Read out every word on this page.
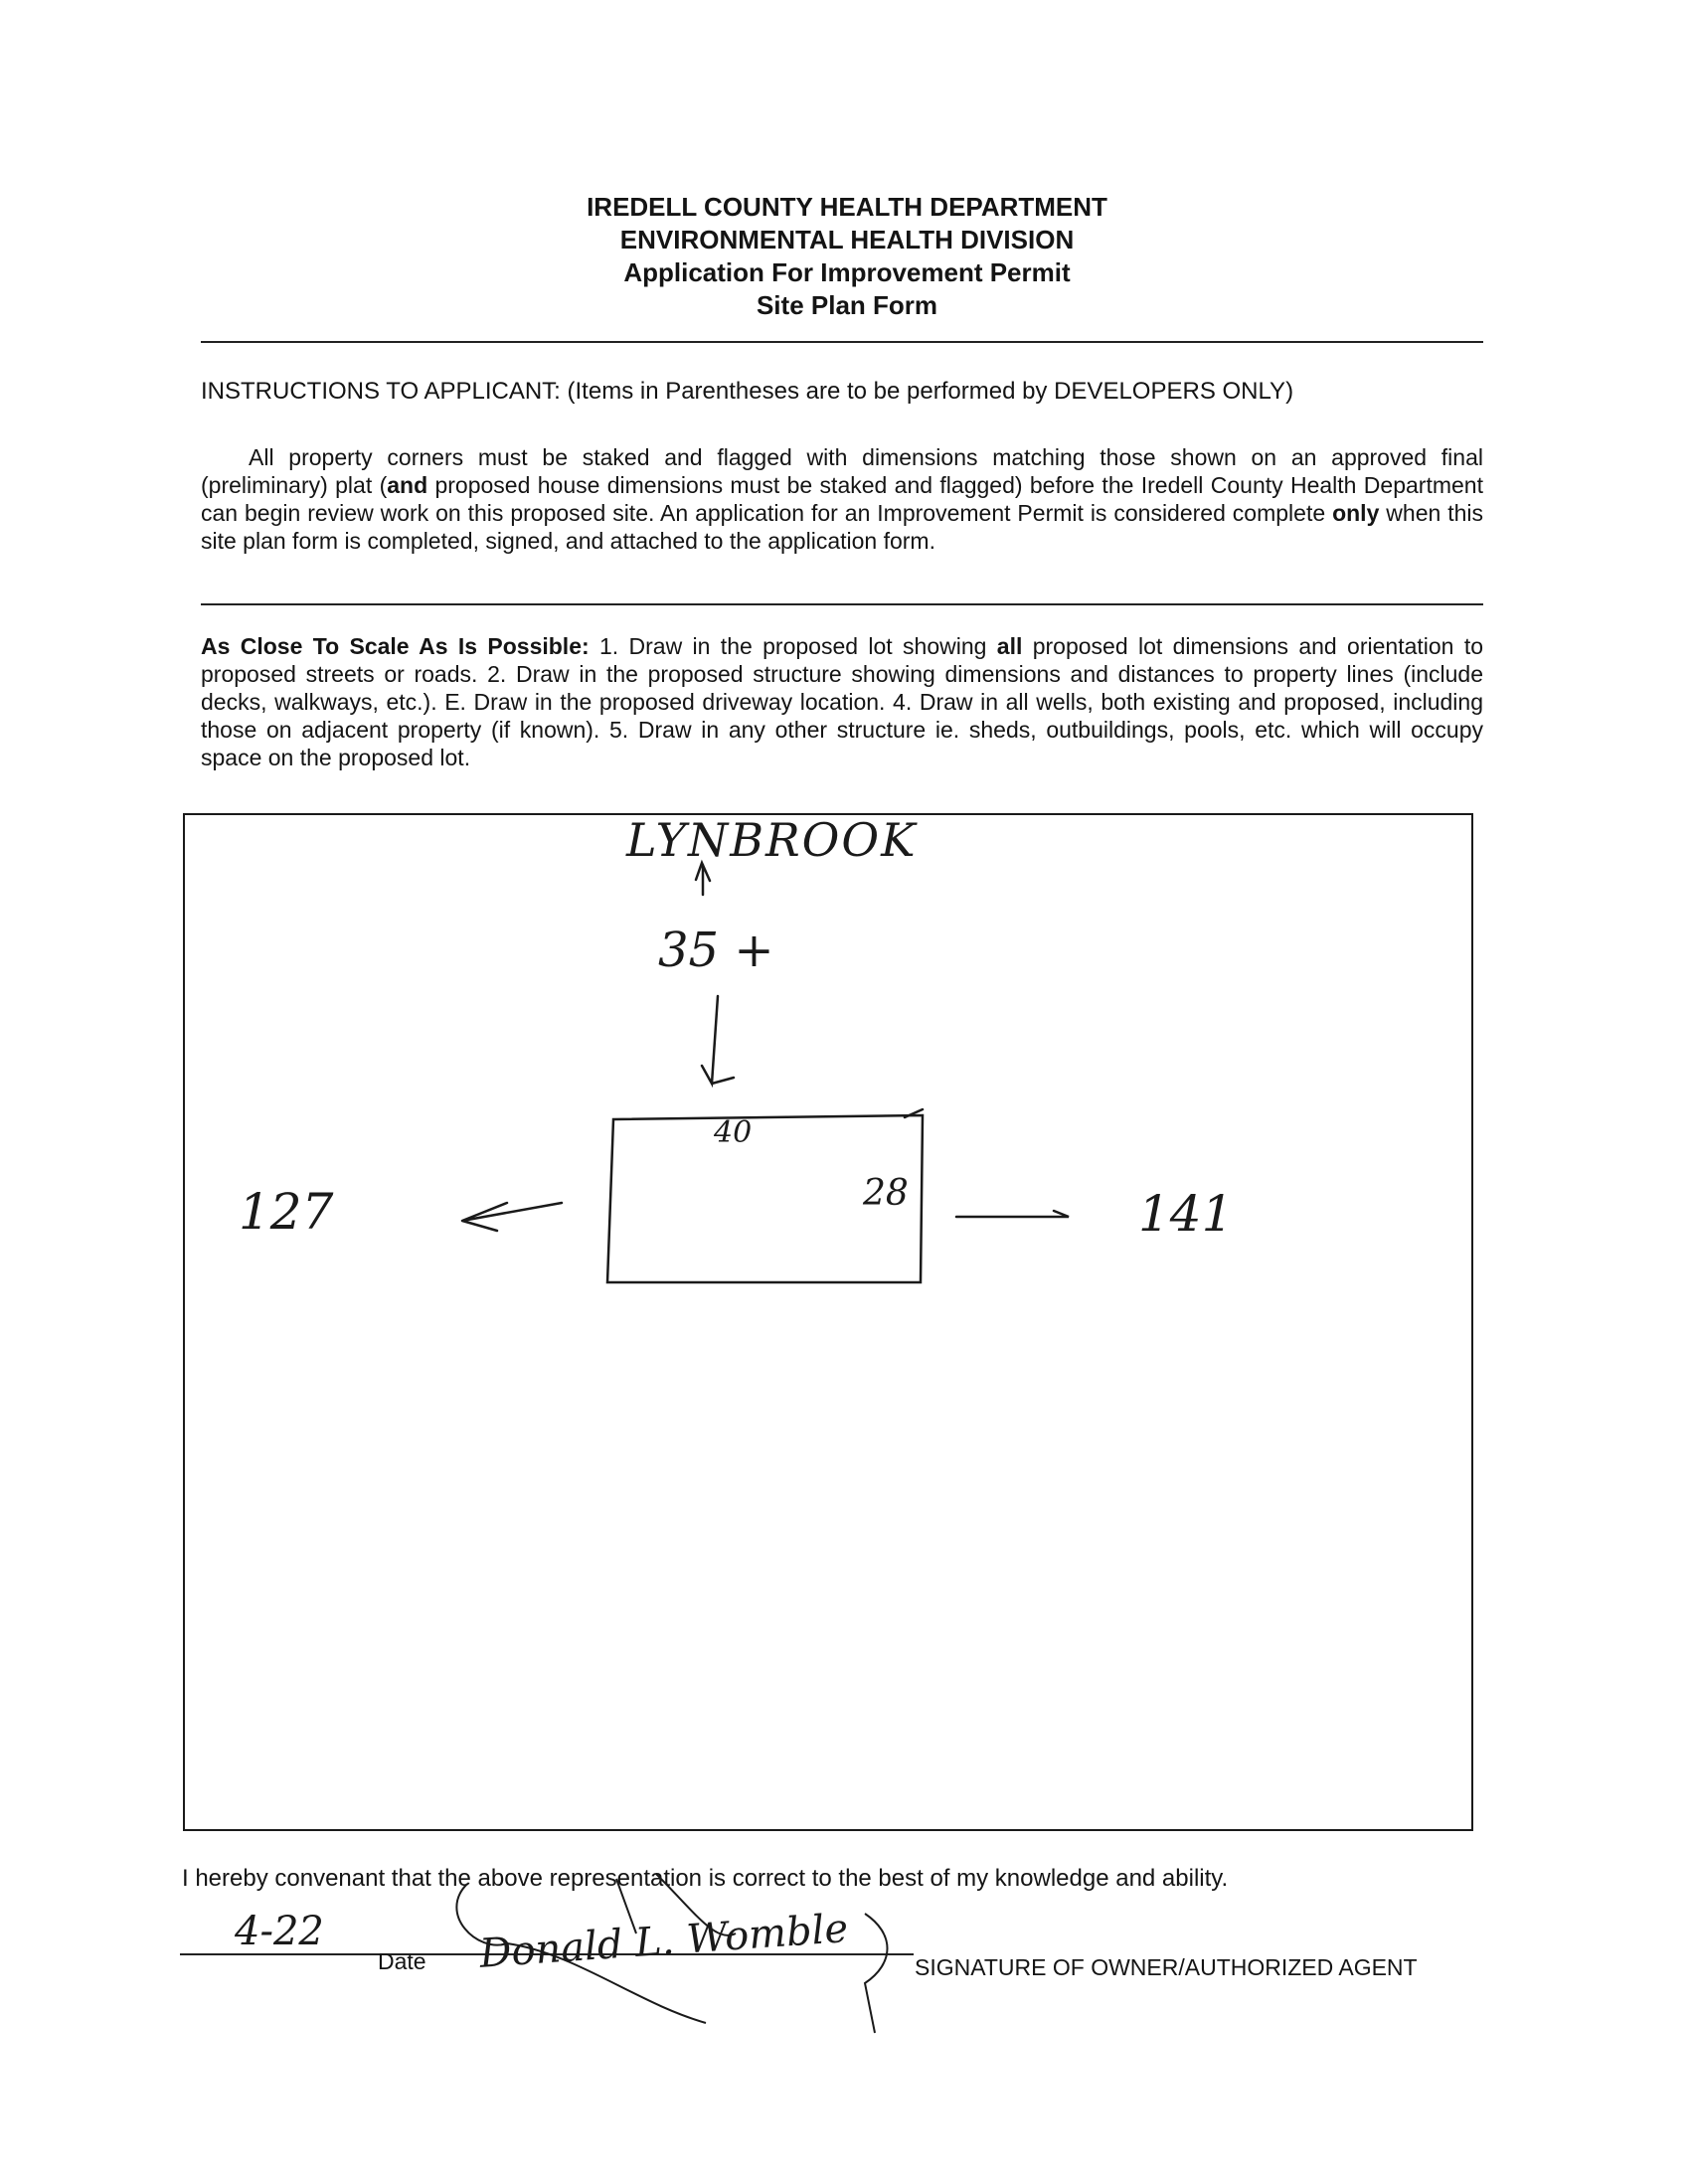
IREDELL COUNTY HEALTH DEPARTMENT
ENVIRONMENTAL HEALTH DIVISION
Application For Improvement Permit
Site Plan Form
INSTRUCTIONS TO APPLICANT: (Items in Parentheses are to be performed by DEVELOPERS ONLY)

All property corners must be staked and flagged with dimensions matching those shown on an approved final (preliminary) plat (and proposed house dimensions must be staked and flagged) before the Iredell County Health Department can begin review work on this proposed site. An application for an Improvement Permit is considered complete only when this site plan form is completed, signed, and attached to the application form.

As Close To Scale As Is Possible: 1. Draw in the proposed lot showing all proposed lot dimensions and orientation to proposed streets or roads. 2. Draw in the proposed structure showing dimensions and distances to property lines (include decks, walkways, etc.). E. Draw in the proposed driveway location. 4. Draw in all wells, both existing and proposed, including those on adjacent property (if known). 5. Draw in any other structure ie. sheds, outbuildings, pools, etc. which will occupy space on the proposed lot.

LYNBROOK
35 +
40
28
127	141
I hereby convenant that the above representation is correct to the best of my knowledge and ability.
4-22
Date Donald L. Womble	SIGNATURE OF OWNER/AUTHORIZED AGENT
